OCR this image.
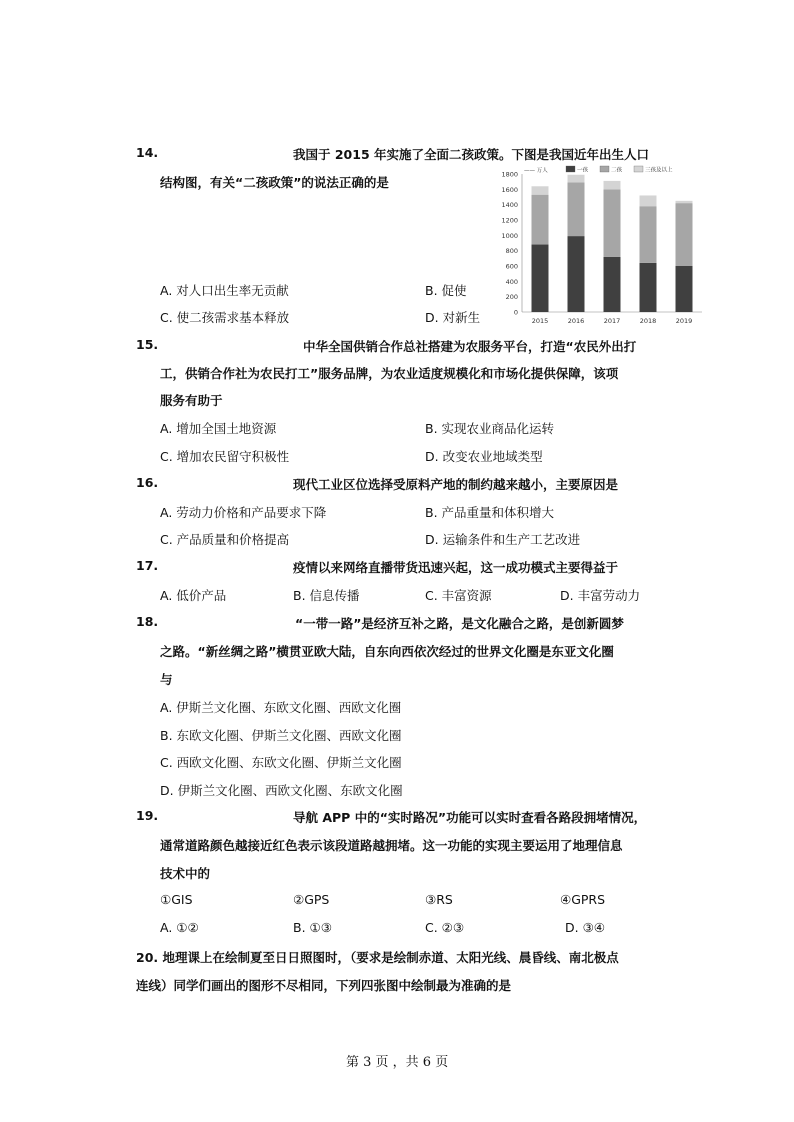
14.	我国于 2015 年实施了全面二孩政策。下图是我国近年出生人口
结构图，有关“二孩政策”的说法正确的是
A. 对人口出生率无贡献	B. 促使
C. 使二孩需求基本释放	D. 对新生	0
200
400
600
800
1000
1200
1400
1600
1800 —— 万人	一孩	二孩	三孩及以上
2015	2016	2017	2018	2019
15.	中华全国供销合作总社搭建为农服务平台，打造“农民外出打
工，供销合作社为农民打工”服务品牌，为农业适度规模化和市场化提供保障，该项
服务有助于
A. 增加全国土地资源	B. 实现农业商品化运转
C. 增加农民留守积极性	D. 改变农业地域类型
16.	现代工业区位选择受原料产地的制约越来越小，主要原因是
A. 劳动力价格和产品要求下降	B. 产品重量和体积增大
C. 产品质量和价格提高	D. 运输条件和生产工艺改进
17.	疫情以来网络直播带货迅速兴起，这一成功模式主要得益于
A. 低价产品	B. 信息传播	C. 丰富资源	D. 丰富劳动力
18.	“一带一路”是经济互补之路，是文化融合之路，是创新圆梦
之路。“新丝绸之路”横贯亚欧大陆，自东向西依次经过的世界文化圈是东亚文化圈
与
A. 伊斯兰文化圈、东欧文化圈、西欧文化圈
B. 东欧文化圈、伊斯兰文化圈、西欧文化圈
C. 西欧文化圈、东欧文化圈、伊斯兰文化圈
D. 伊斯兰文化圈、西欧文化圈、东欧文化圈
19.	导航 APP 中的“实时路况”功能可以实时查看各路段拥堵情况，
通常道路颜色越接近红色表示该段道路越拥堵。这一功能的实现主要运用了地理信息
技术中的
①GIS	②GPS	③RS	④GPRS
A. ①②	B. ①③	C. ②③	D. ③④
20. 地理课上在绘制夏至日日照图时，（要求是绘制赤道、太阳光线、晨昏线、南北极点
连线）同学们画出的图形不尽相同，下列四张图中绘制最为准确的是
第 3 页 ，共 6 页
